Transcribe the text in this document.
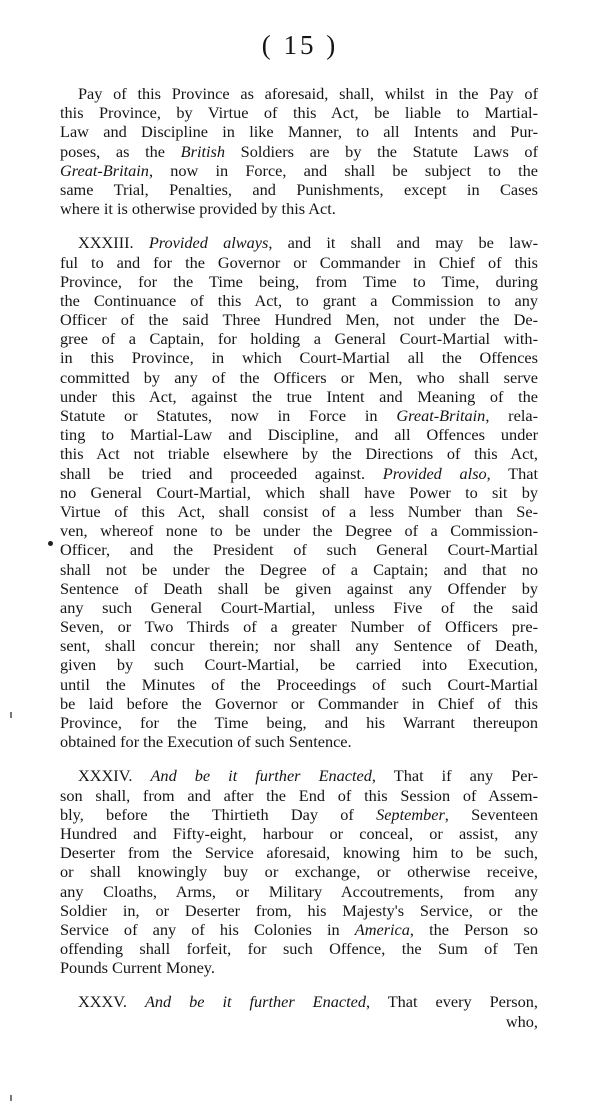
( 15 )
Pay of this Province as aforesaid, shall, whilst in the Pay of
this Province, by Virtue of this Act, be liable to Martial-
Law and Discipline in like Manner, to all Intents and Pur-
poses, as the British Soldiers are by the Statute Laws of
Great-Britain, now in Force, and shall be subject to the
same Trial, Penalties, and Punishments, except in Cases
where it is otherwise provided by this Act.
XXXIII. Provided always, and it shall and may be law-
ful to and for the Governor or Commander in Chief of this
Province, for the Time being, from Time to Time, during
the Continuance of this Act, to grant a Commission to any
Officer of the said Three Hundred Men, not under the De-
gree of a Captain, for holding a General Court-Martial with-
in this Province, in which Court-Martial all the Offences
committed by any of the Officers or Men, who shall serve
under this Act, against the true Intent and Meaning of the
Statute or Statutes, now in Force in Great-Britain, rela-
ting to Martial-Law and Discipline, and all Offences under
this Act not triable elsewhere by the Directions of this Act,
shall be tried and proceeded against. Provided also, That
no General Court-Martial, which shall have Power to sit by
Virtue of this Act, shall consist of a less Number than Se-
ven, whereof none to be under the Degree of a Commission-
Officer, and the President of such General Court-Martial
shall not be under the Degree of a Captain; and that no
Sentence of Death shall be given against any Offender by
any such General Court-Martial, unless Five of the said
Seven, or Two Thirds of a greater Number of Officers pre-
sent, shall concur therein; nor shall any Sentence of Death,
given by such Court-Martial, be carried into Execution,
until the Minutes of the Proceedings of such Court-Martial
be laid before the Governor or Commander in Chief of this
Province, for the Time being, and his Warrant thereupon
obtained for the Execution of such Sentence.
XXXIV. And be it further Enacted, That if any Per-
son shall, from and after the End of this Session of Assem-
bly, before the Thirtieth Day of September, Seventeen
Hundred and Fifty-eight, harbour or conceal, or assist, any
Deserter from the Service aforesaid, knowing him to be such,
or shall knowingly buy or exchange, or otherwise receive,
any Cloaths, Arms, or Military Accoutrements, from any
Soldier in, or Deserter from, his Majesty's Service, or the
Service of any of his Colonies in America, the Person so
offending shall forfeit, for such Offence, the Sum of Ten
Pounds Current Money.
XXXV. And be it further Enacted, That every Person,
who,
